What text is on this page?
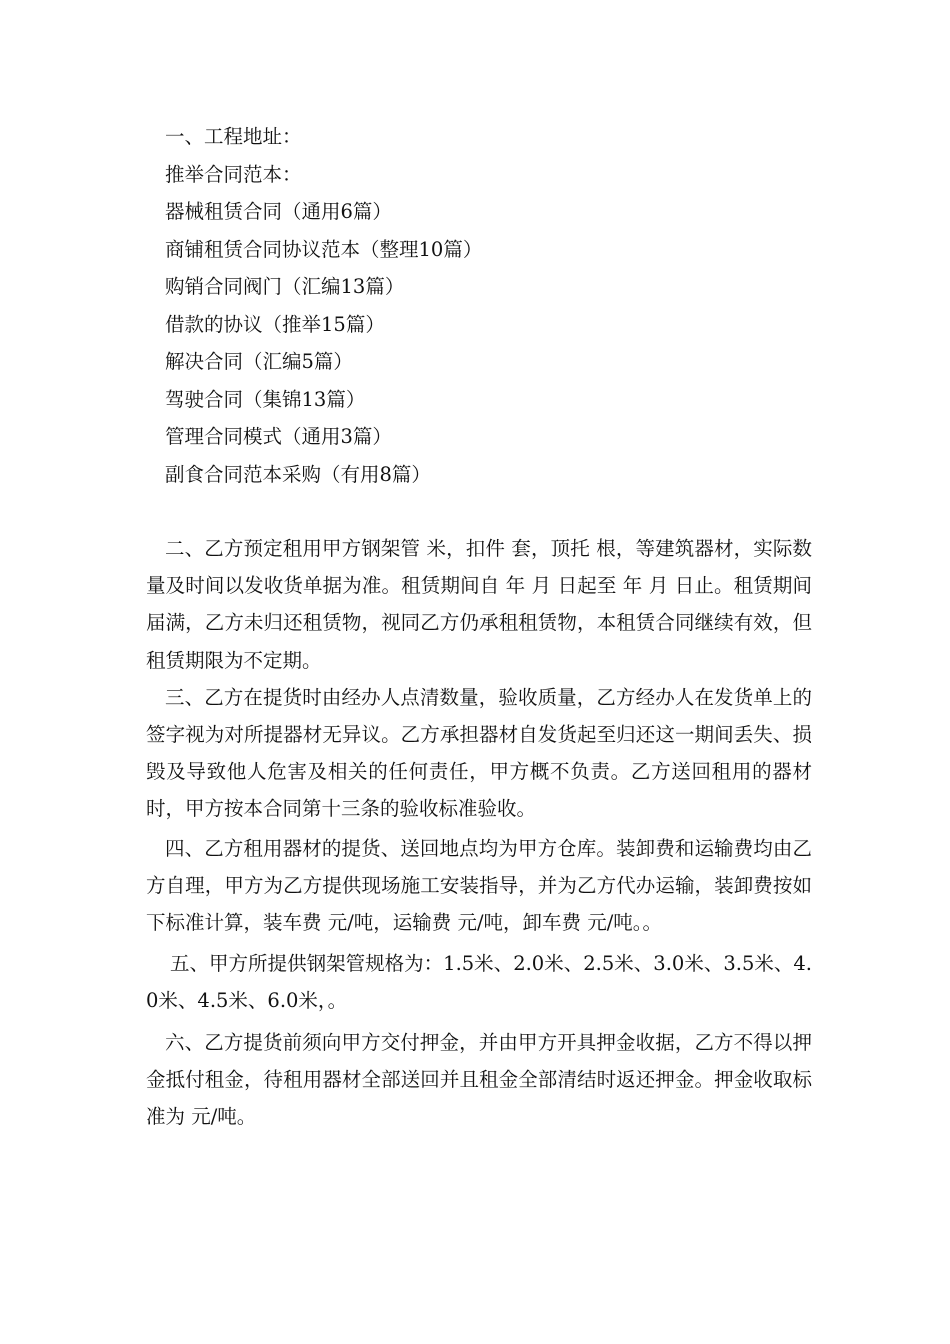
一、工程地址：
推举合同范本：
器械租赁合同（通用6篇）
商铺租赁合同协议范本（整理10篇）
购销合同阀门（汇编13篇）
借款的协议（推举15篇）
解决合同（汇编5篇）
驾驶合同（集锦13篇）
管理合同模式（通用3篇）
副食合同范本采购（有用8篇）

二、乙方预定租用甲方钢架管 米，扣件 套，顶托 根，等建筑器材，实际数量及时间以发收货单据为准。租赁期间自 年 月 日起至 年 月 日止。租赁期间届满，乙方未归还租赁物，视同乙方仍承租租赁物，本租赁合同继续有效，但租赁期限为不定期。

三、乙方在提货时由经办人点清数量，验收质量，乙方经办人在发货单上的签字视为对所提器材无异议。乙方承担器材自发货起至归还这一期间丢失、损毁及导致他人危害及相关的任何责任，甲方概不负责。乙方送回租用的器材时，甲方按本合同第十三条的验收标准验收。

四、乙方租用器材的提货、送回地点均为甲方仓库。装卸费和运输费均由乙方自理，甲方为乙方提供现场施工安装指导，并为乙方代办运输，装卸费按如下标准计算，装车费 元/吨，运输费 元/吨，卸车费 元/吨。。

五、甲方所提供钢架管规格为：1.5米、2.0米、2.5米、3.0米、3.5米、4.0米、4.5米、6.0米，。

六、乙方提货前须向甲方交付押金，并由甲方开具押金收据，乙方不得以押金抵付租金，待租用器材全部送回并且租金全部清结时返还押金。押金收取标准为 元/吨。
